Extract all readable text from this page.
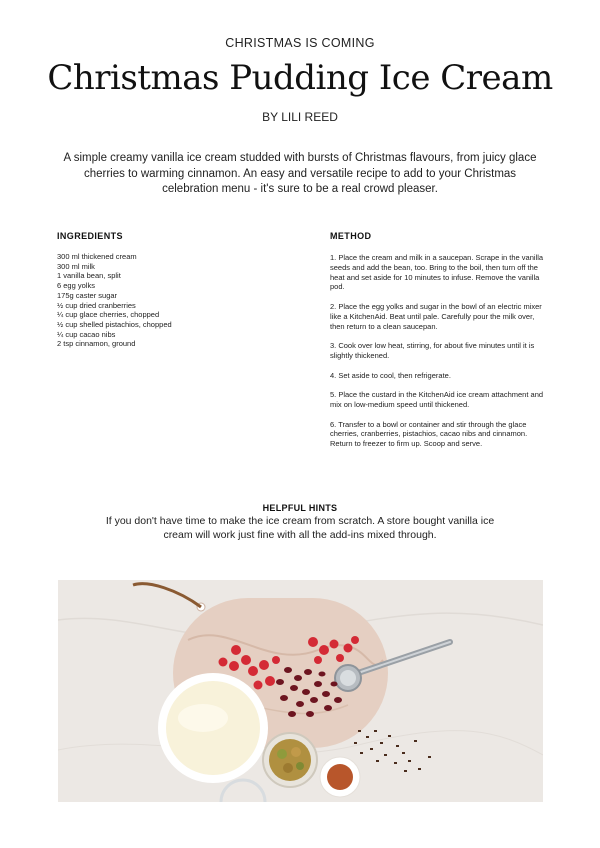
CHRISTMAS IS COMING
Christmas Pudding Ice Cream
BY LILI REED

A simple creamy vanilla ice cream studded with bursts of Christmas flavours, from juicy glace cherries to warming cinnamon. An easy and versatile recipe to add to your Christmas celebration menu - it's sure to be a real crowd pleaser.

INGREDIENTS
300 ml thickened cream
300 ml milk
1 vanilla bean, split
6 egg yolks
175g caster sugar
½ cup dried cranberries
¼ cup glace cherries, chopped
½ cup shelled pistachios, chopped
¼ cup cacao nibs
2 tsp cinnamon, ground
METHOD
1. Place the cream and milk in a saucepan. Scrape in the vanilla seeds and add the bean, too. Bring to the boil, then turn off the heat and set aside for 10 minutes to infuse. Remove the vanilla pod.
2. Place the egg yolks and sugar in the bowl of an electric mixer like a KitchenAid. Beat until pale. Carefully pour the milk over, then return to a clean saucepan.
3. Cook over low heat, stirring, for about five minutes until it is slightly thickened.
4. Set aside to cool, then refrigerate.
5. Place the custard in the KitchenAid ice cream attachment and mix on low-medium speed until thickened.
6. Transfer to a bowl or container and stir through the glace cherries, cranberries, pistachios, cacao nibs and cinnamon. Return to freezer to firm up. Scoop and serve.
HELPFUL HINTS

If you don't have time to make the ice cream from scratch. A store bought vanilla ice cream will work just fine with all the add-ins mixed through.
